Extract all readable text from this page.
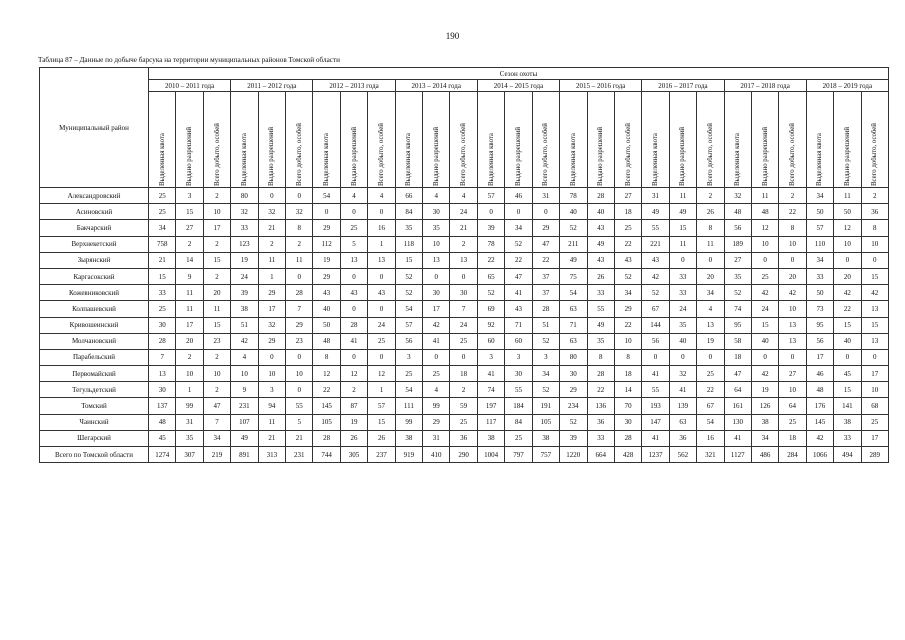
190
Таблица 87 – Данные по добыче барсука на территории муниципальных районов Томской области
Муниципальный район	Сезон охоты																										
	2010 – 2011 года			2011 – 2012 года			2012 – 2013 года			2013 – 2014 года			2014 – 2015 года			2015 – 2016 года			2016 – 2017 года			2017 – 2018 года			2018 – 2019 года		

	Выделенная квота	Выдано разрешений	Всего добыто, особей	Выделенная квота	Выдано разрешений	Всего добыто, особей	Выделенная квота	Выдано разрешений	Всего добыто, особей	Выделенная квота	Выдано разрешений	Всего добыто, особей	Выделенная квота	Выдано разрешений	Всего добыто, особей	Выделенная квота	Выдано разрешений	Всего добыто, особей	Выделенная квота	Выдано разрешений	Всего добыто, особей	Выделенная квота	Выдано разрешений	Всего добыто, особей	Выделенная квота	Выдано разрешений	Всего добыто, особей

Александровский	25	3	2	80	0	0	54	4	4	66	4	4	57	46	31	78	28	27	31	11	2	32	11	2	34	11	2
Асиновский	25	15	10	32	32	32	0	0	0	84	30	24	0	0	0	40	40	18	49	49	26	48	48	22	50	50	36
Бакчарский	34	27	17	33	21	8	29	25	16	35	35	21	39	34	29	52	43	25	55	15	8	56	12	8	57	12	8
Верхнекетский	758	2	2	123	2	2	112	5	1	118	10	2	78	52	47	211	49	22	221	11	11	189	10	10	110	10	10
Зырянский	21	14	15	19	11	11	19	13	13	15	13	13	22	22	22	49	43	43	43	0	0	27	0	0	34	0	0
Каргасокский	15	9	2	24	1	0	29	0	0	52	0	0	65	47	37	75	26	52	42	33	20	35	25	20	33	20	15
Кожевниковский	33	11	20	39	29	28	43	43	43	52	30	30	52	41	37	54	33	34	52	33	34	52	42	42	50	42	42
Колпашевский	25	11	11	38	17	7	40	0	0	54	17	7	69	43	28	63	55	29	67	24	4	74	24	10	73	22	13
Кривошеинский	30	17	15	51	32	29	50	28	24	57	42	24	92	71	51	71	49	22	144	35	13	95	15	13	95	15	15
Молчановский	28	20	23	42	29	23	48	41	25	56	41	25	60	60	52	63	35	10	56	40	19	58	40	13	56	40	13
Парабельский	7	2	2	4	0	0	8	0	0	3	0	0	3	3	3	80	8	8	0	0	0	18	0	0	17	0	0
Первомайский	13	10	10	10	10	10	12	12	12	25	25	18	41	30	34	30	28	18	41	32	25	47	42	27	46	45	17
Тегульдетский	30	1	2	9	3	0	22	2	1	54	4	2	74	55	52	29	22	14	55	41	22	64	19	10	48	15	10
Томский	137	99	47	231	94	55	145	87	57	111	99	59	197	184	191	234	136	70	193	139	67	161	126	64	176	141	68
Чаинский	48	31	7	107	11	5	105	19	15	99	29	25	117	84	105	52	36	30	147	63	54	130	38	25	145	38	25
Шегарский	45	35	34	49	21	21	28	26	26	38	31	36	38	25	38	39	33	28	41	36	16	41	34	18	42	33	17
Всего по Томской области	1274	307	219	891	313	231	744	305	237	919	410	290	1004	797	757	1220	664	428	1237	562	321	1127	486	284	1066	494	289
